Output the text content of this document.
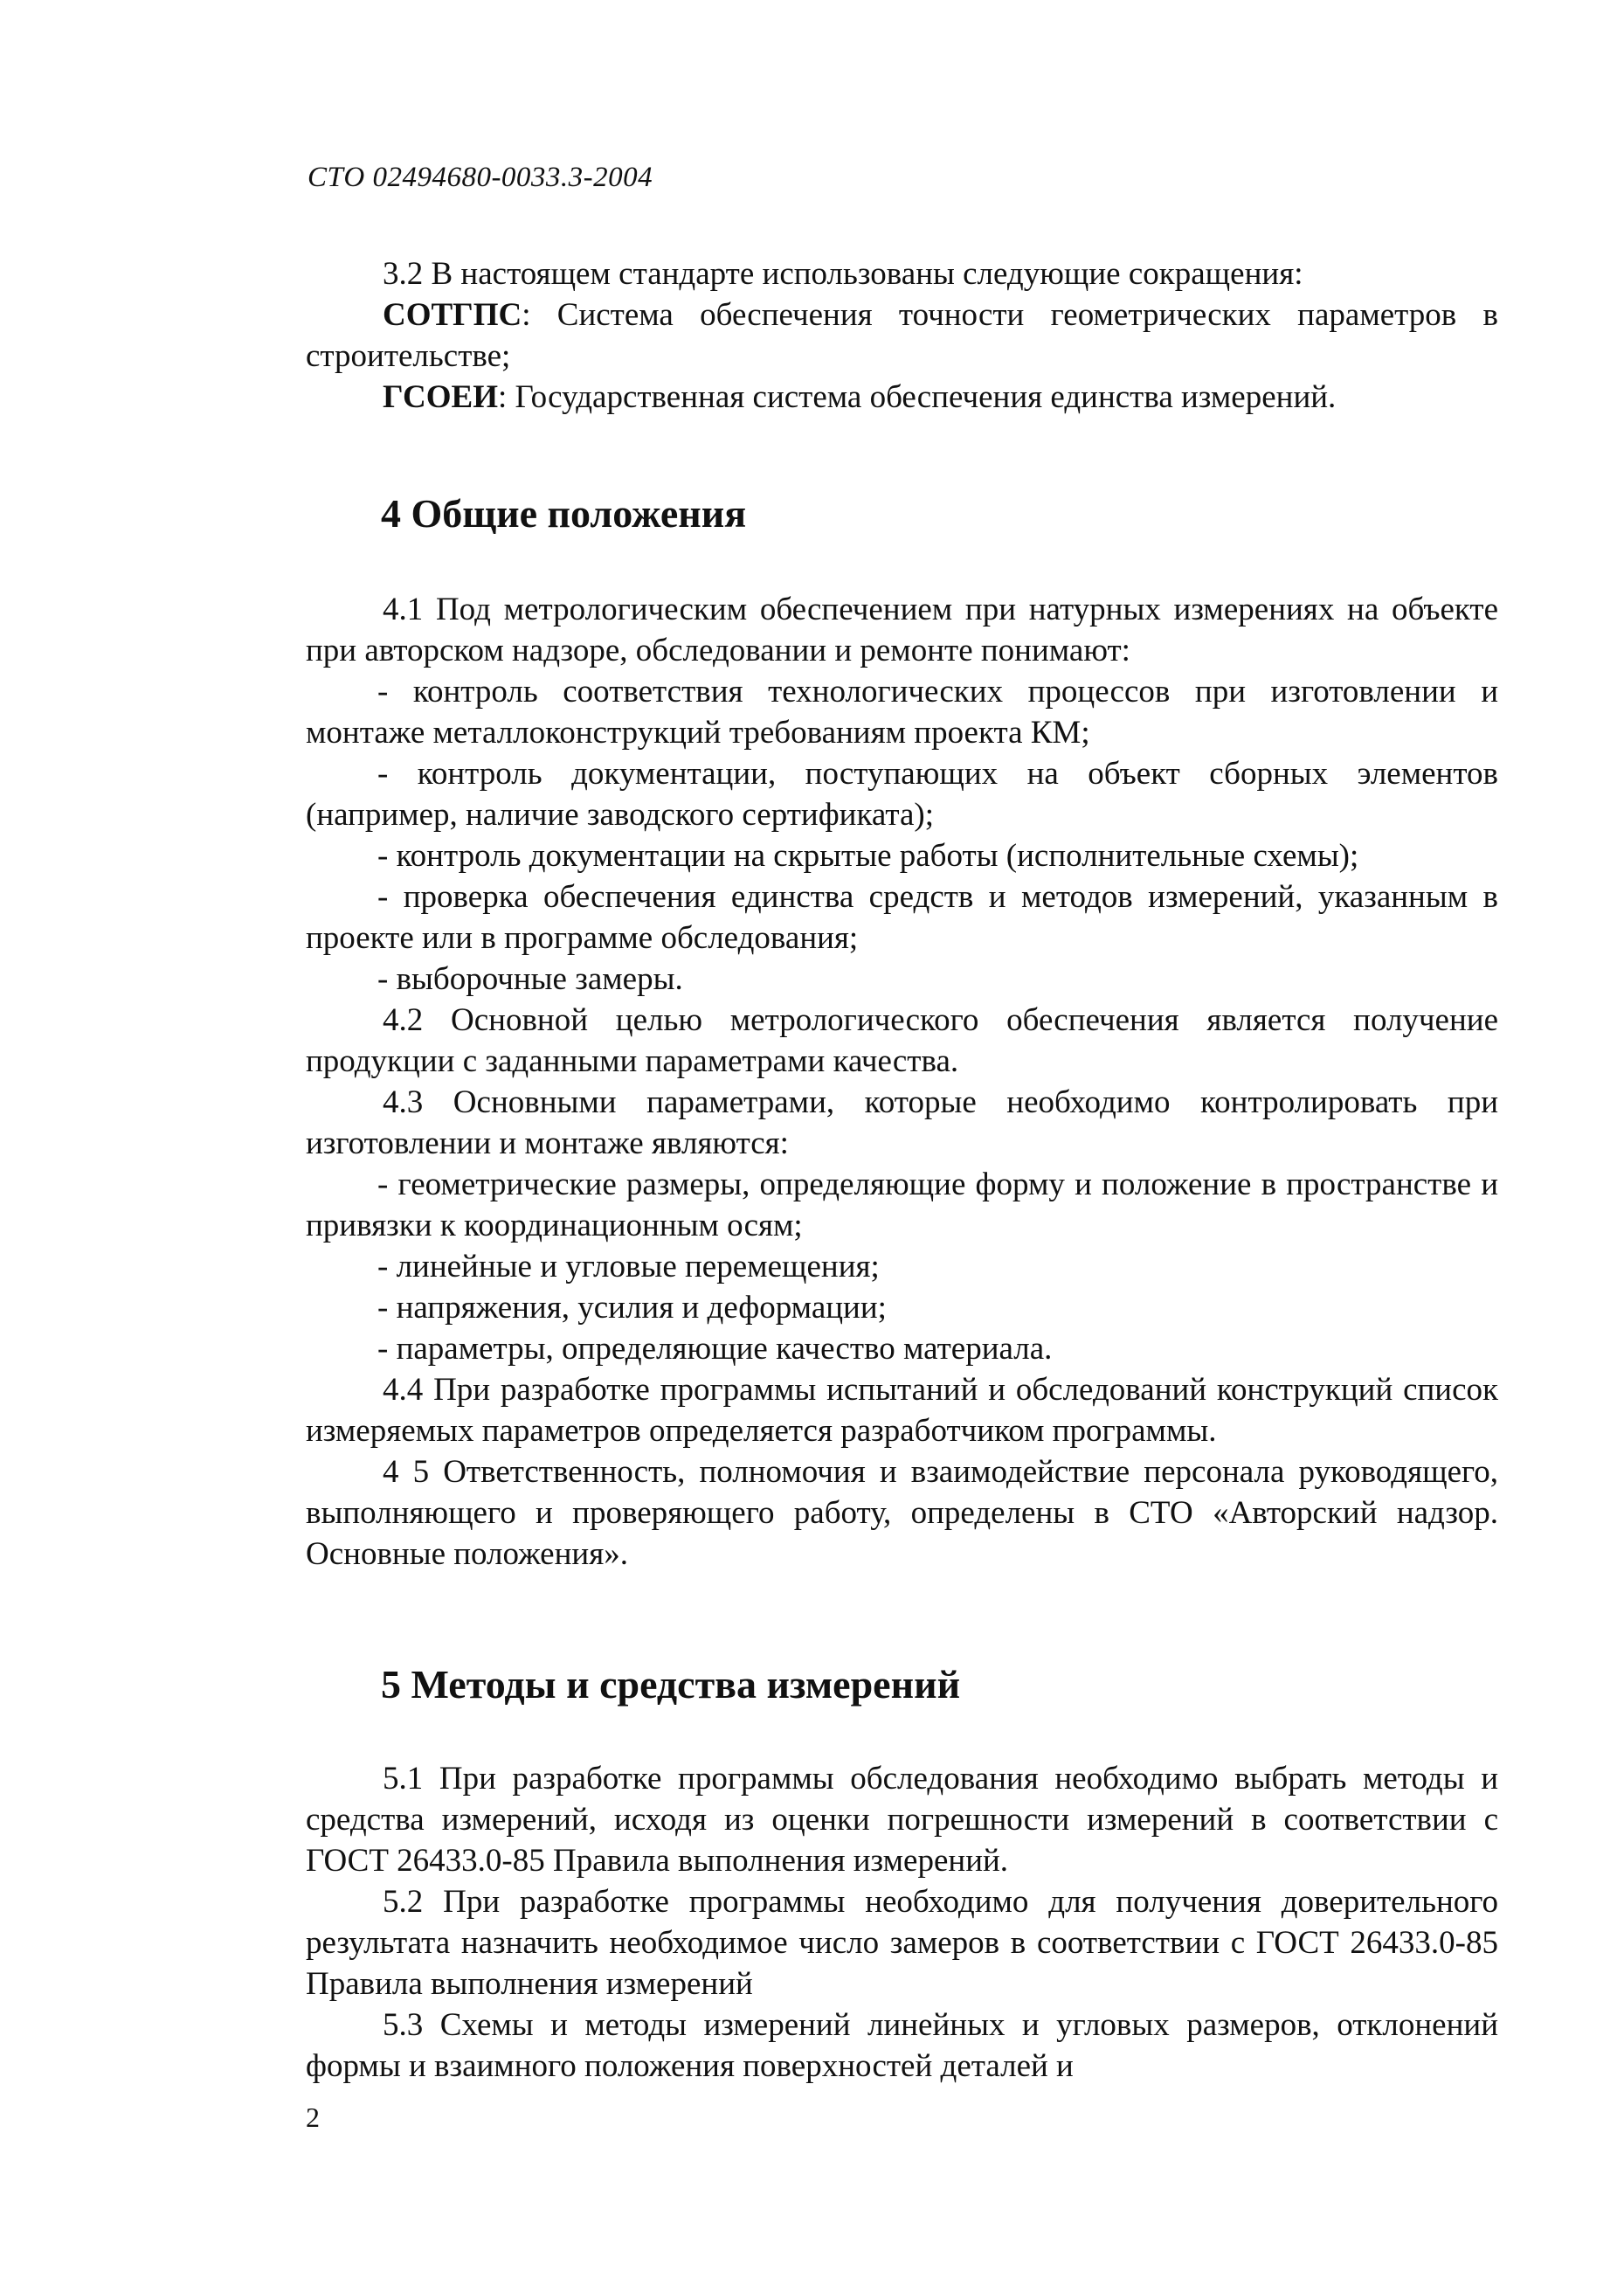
СТО 02494680-0033.3-2004

3.2 В настоящем стандарте использованы следующие сокращения:

СОТГПС: Система обеспечения точности геометрических параметров в строительстве;

ГСОЕИ: Государственная система обеспечения единства измерений.

4 Общие положения

4.1 Под метрологическим обеспечением при натурных измерениях на объекте при авторском надзоре, обследовании и ремонте понимают:

- контроль соответствия технологических процессов при изготовлении и монтаже металлоконструкций требованиям проекта КМ;

- контроль документации, поступающих на объект сборных элементов (например, наличие заводского сертификата);

- контроль документации на скрытые работы (исполнительные схемы);

- проверка обеспечения единства средств и методов измерений, указанным в проекте или в программе обследования;

- выборочные замеры.

4.2 Основной целью метрологического обеспечения является получение продукции с заданными параметрами качества.

4.3 Основными параметрами, которые необходимо контролировать при изготовлении и монтаже являются:

- геометрические размеры, определяющие форму и положение в пространстве и привязки к координационным осям;

- линейные и угловые перемещения;

- напряжения, усилия и деформации;

- параметры, определяющие качество материала.

4.4 При разработке программы испытаний и обследований конструкций список измеряемых параметров определяется разработчиком программы.

4 5 Ответственность, полномочия и взаимодействие персонала руководящего, выполняющего и проверяющего работу, определены в СТО «Авторский надзор. Основные положения».

5 Методы и средства измерений

5.1 При разработке программы обследования необходимо выбрать методы и средства измерений, исходя из оценки погрешности измерений в соответствии с ГОСТ 26433.0-85 Правила выполнения измерений.

5.2 При разработке программы необходимо для получения доверительного результата назначить необходимое число замеров в соответствии с ГОСТ 26433.0-85 Правила выполнения измерений

5.3 Схемы и методы измерений линейных и угловых размеров, отклонений формы и взаимного положения поверхностей деталей и

2
